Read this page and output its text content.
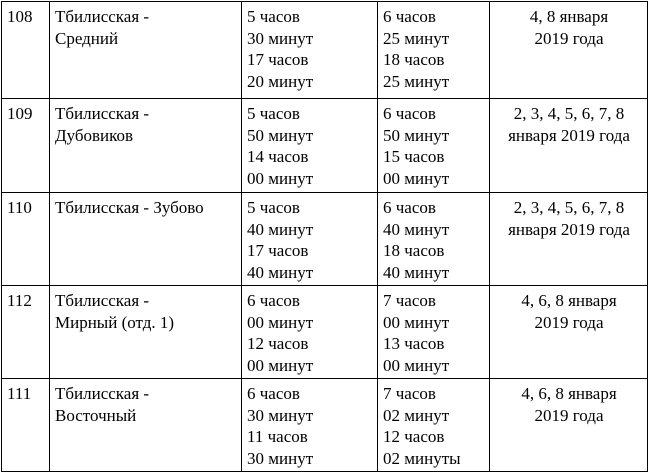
108	Тбилисская -
Средний	5 часов
30 минут
17 часов
20 минут	6 часов
25 минут
18 часов
25 минут	4, 8 января
2019 года

109	Тбилисская -
Дубовиков	5 часов
50 минут
14 часов
00 минут	6 часов
50 минут
15 часов
00 минут	2, 3, 4, 5, 6, 7, 8
января 2019 года

110	Тбилисская - Зубово	5 часов
40 минут
17 часов
40 минут	6 часов
40 минут
18 часов
40 минут	2, 3, 4, 5, 6, 7, 8
января 2019 года

112	Тбилисская -
Мирный (отд. 1)	6 часов
00 минут
12 часов
00 минут	7 часов
00 минут
13 часов
00 минут	4, 6, 8 января
2019 года

111	Тбилисская -
Восточный	6 часов
30 минут
11 часов
30 минут	7 часов
02 минут
12 часов
02 минуты	4, 6, 8 января
2019 года
